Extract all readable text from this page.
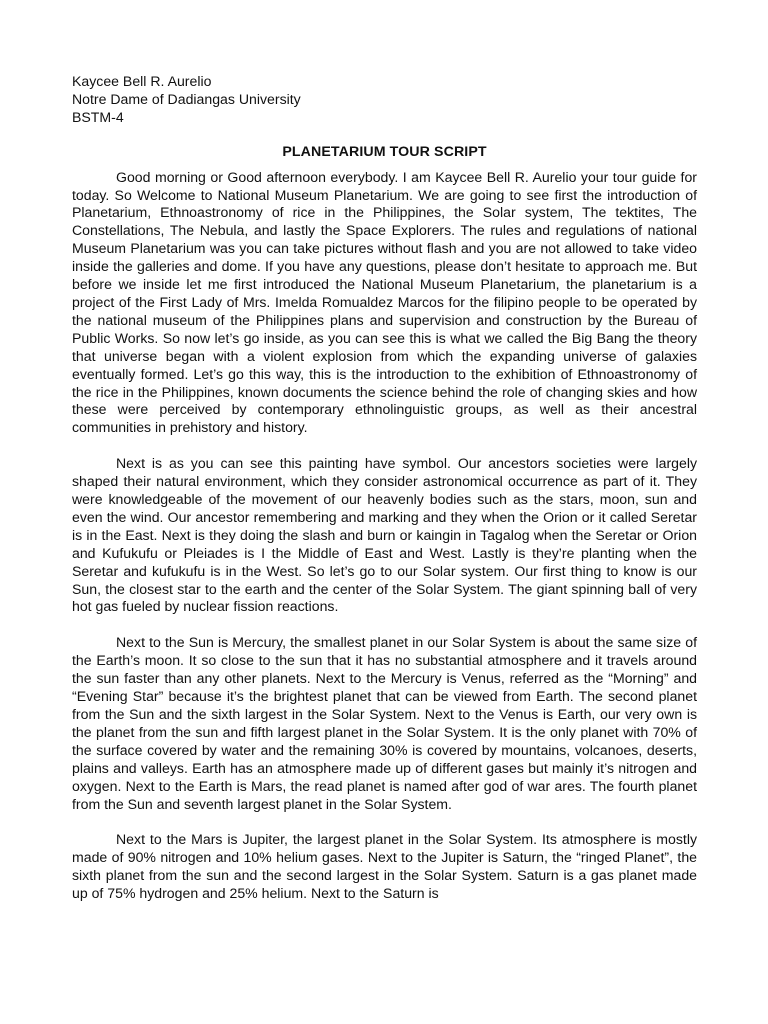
Kaycee Bell R. Aurelio

Notre Dame of Dadiangas University

BSTM-4

PLANETARIUM TOUR SCRIPT

Good morning or Good afternoon everybody. I am Kaycee Bell R. Aurelio your tour guide for today. So Welcome to National Museum Planetarium. We are going to see first the introduction of Planetarium, Ethnoastronomy of rice in the Philippines, the Solar system, The tektites, The Constellations, The Nebula, and lastly the Space Explorers. The rules and regulations of national Museum Planetarium was you can take pictures without flash and you are not allowed to take video inside the galleries and dome. If you have any questions, please don’t hesitate to approach me. But before we inside let me first introduced the National Museum Planetarium, the planetarium is a project of the First Lady of Mrs. Imelda Romualdez Marcos for the filipino people to be operated by the national museum of the Philippines plans and supervision and construction by the Bureau of Public Works. So now let’s go inside, as you can see this is what we called the Big Bang the theory that universe began with a violent explosion from which the expanding universe of galaxies eventually formed. Let’s go this way, this is the introduction to the exhibition of Ethnoastronomy of the rice in the Philippines, known documents the science behind the role of changing skies and how these were perceived by contemporary ethnolinguistic groups, as well as their ancestral communities in prehistory and history.

Next is as you can see this painting have symbol. Our ancestors societies were largely shaped their natural environment, which they consider astronomical occurrence as part of it. They were knowledgeable of the movement of our heavenly bodies such as the stars, moon, sun and even the wind. Our ancestor remembering and marking and they when the Orion or it called Seretar is in the East. Next is they doing the slash and burn or kaingin in Tagalog when the Seretar or Orion and Kufukufu or Pleiades is I the Middle of East and West. Lastly is they’re planting when the Seretar and kufukufu is in the West. So let’s go to our Solar system. Our first thing to know is our Sun, the closest star to the earth and the center of the Solar System. The giant spinning ball of very hot gas fueled by nuclear fission reactions.

Next to the Sun is Mercury, the smallest planet in our Solar System is about the same size of the Earth’s moon. It so close to the sun that it has no substantial atmosphere and it travels around the sun faster than any other planets. Next to the Mercury is Venus, referred as the “Morning” and “Evening Star” because it’s the brightest planet that can be viewed from Earth. The second planet from the Sun and the sixth largest in the Solar System. Next to the Venus is Earth, our very own is the planet from the sun and fifth largest planet in the Solar System. It is the only planet with 70% of the surface covered by water and the remaining 30% is covered by mountains, volcanoes, deserts, plains and valleys. Earth has an atmosphere made up of different gases but mainly it’s nitrogen and oxygen. Next to the Earth is Mars, the read planet is named after god of war ares. The fourth planet from the Sun and seventh largest planet in the Solar System.

Next to the Mars is Jupiter, the largest planet in the Solar System. Its atmosphere is mostly made of 90% nitrogen and 10% helium gases. Next to the Jupiter is Saturn, the “ringed Planet”, the sixth planet from the sun and the second largest in the Solar System. Saturn is a gas planet made up of 75% hydrogen and 25% helium. Next to the Saturn is
